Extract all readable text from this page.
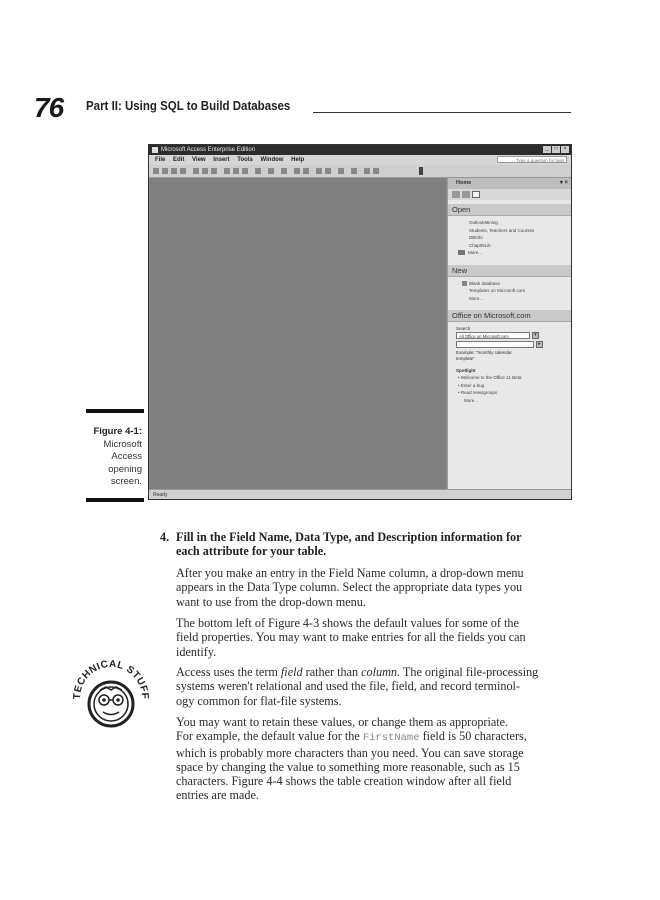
76 Part II: Using SQL to Build Databases
Figure 4-1:
Microsoft
Access
opening
screen.
Microsoft Access Enterprise Edition	_	□	×
File Edit View Insert Tools Window Help	Type a question for help
Home	▾ ×
Open
OutlookMining
Students, Teachers and Courses
DBInfo
Chap05Lib
More...
New
Blank database
Templates on Microsoft.com
More...
Office on Microsoft.com
Search
All Office on Microsoft.com	▾
▸
Example: "monthly calendar template"
Spotlight
• Welcome to the Office 11 Beta
• Enter a bug
• Read newsgroups
More...
Ready
4. Fill in the Field Name, Data Type, and Description information for
each attribute for your table.
After you make an entry in the Field Name column, a drop-down menu
appears in the Data Type column. Select the appropriate data types you
want to use from the drop-down menu.
The bottom left of Figure 4-3 shows the default values for some of the
field properties. You may want to make entries for all the fields you can
identify.
Access uses the term field rather than column. The original file-processing
systems weren't relational and used the file, field, and record terminol-
ogy common for flat-file systems.
You may want to retain these values, or change them as appropriate.
For example, the default value for the FirstName field is 50 characters,
which is probably more characters than you need. You can save storage
space by changing the value to something more reasonable, such as 15
characters. Figure 4-4 shows the table creation window after all field
entries are made.
TECHNICAL STUFF
